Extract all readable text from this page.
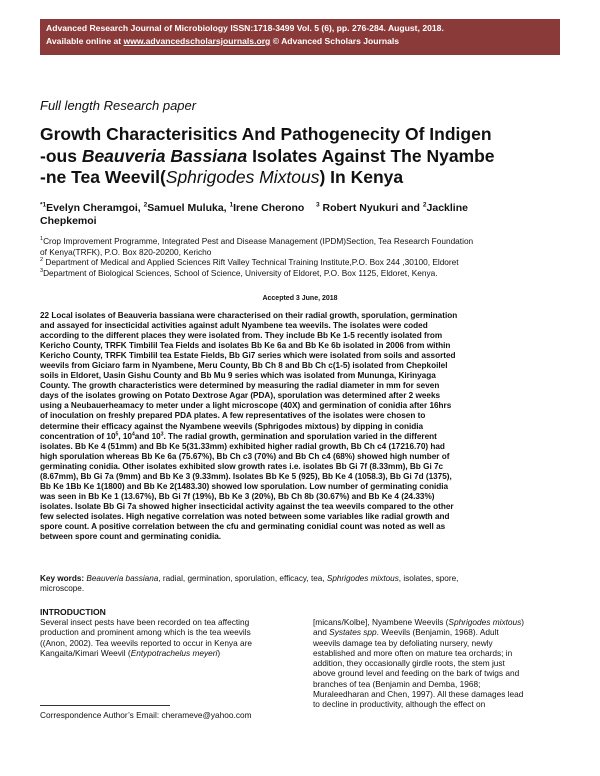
Advanced Research Journal of Microbiology ISSN:1718-3499 Vol. 5 (6), pp. 276-284. August, 2018.
Available online at www.advancedscholarsjournals.org © Advanced Scholars Journals
Full length Research paper
Growth Characterisitics And Pathogenecity Of Indigen
-ous Beauveria Bassiana Isolates Against The Nyambe
-ne Tea Weevil(Sphrigodes Mixtous) In Kenya
$^{*1}$Evelyn Cheramgoi, $^2$Samuel Muluka, $^1$Irene Cherono    $^3$ Robert Nyukuri and $^2$Jackline
Chepkemoi
$^1$Crop Improvement Programme, Integrated Pest and Disease Management (IPDM)Section, Tea Research Foundation
of Kenya(TRFK), P.O. Box 820-20200, Kericho
$^2$ Department of Medical and Applied Sciences Rift Valley Technical Training Institute,P.O. Box 244 ,30100, Eldoret
$^3$Department of Biological Sciences, School of Science, University of Eldoret, P.O. Box 1125, Eldoret, Kenya.
Accepted 3 June, 2018
22 Local isolates of Beauveria bassiana were characterised on their radial growth, sporulation, germination
and assayed for insecticidal activities against adult Nyambene tea weevils. The isolates were coded
according to the different places they were isolated from. They include Bb Ke 1-5 recently isolated from
Kericho County, TRFK Timbilil Tea Fields and isolates Bb Ke 6a and Bb Ke 6b isolated in 2006 from within
Kericho County, TRFK Timbilil tea Estate Fields, Bb Gi7 series which were isolated from soils and assorted
weevils from Giciaro farm in Nyambene, Meru County, Bb Ch 8 and Bb Ch c(1-5) isolated from Chepkoilel
soils in Eldoret, Uasin Gishu County and Bb Mu 9 series which was isolated from Mununga, Kirinyaga
County. The growth characteristics were determined by measuring the radial diameter in mm for seven
days of the isolates growing on Potato Dextrose Agar (PDA), sporulation was determined after 2 weeks
using a Neubauerheamacy to meter under a light microscope (40X) and germination of conidia after 16hrs
of inoculation on freshly prepared PDA plates. A few representatives of the isolates were chosen to
determine their efficacy against the Nyambene weevils (Sphrigodes mixtous) by dipping in conidia
concentration of $10^5$, $10^4and$ $10^3$. The radial growth, germination and sporulation varied in the different
isolates. Bb Ke 4 (51mm) and Bb Ke 5(31.33mm) exhibited higher radial growth, Bb Ch c4 (17216.70) had
high sporulation whereas Bb Ke 6a (75.67%), Bb Ch c3 (70%) and Bb Ch c4 (68%) showed high number of
germinating conidia. Other isolates exhibited slow growth rates i.e. isolates Bb Gi 7f (8.33mm), Bb Gi 7c
(8.67mm), Bb Gi 7a (9mm) and Bb Ke 3 (9.33mm). Isolates Bb Ke 5 (925), Bb Ke 4 (1058.3), Bb Gi 7d (1375),
Bb Ke 1Bb Ke 1(1800) and Bb Ke 2(1483.30) showed low sporulation. Low number of germinating conidia
was seen in Bb Ke 1 (13.67%), Bb Gi 7f (19%), Bb Ke 3 (20%), Bb Ch 8b (30.67%) and Bb Ke 4 (24.33%)
isolates. Isolate Bb Gi 7a showed higher insecticidal activity against the tea weevils compared to the other
few selected isolates. High negative correlation was noted between some variables like radial growth and
spore count. A positive correlation between the cfu and germinating conidial count was noted as well as
between spore count and germinating conidia.
Key words: Beauveria bassiana, radial, germination, sporulation, efficacy, tea, Sphrigodes mixtous, isolates, spore,
microscope.
INTRODUCTION
Several insect pests have been recorded on tea affecting
production and prominent among which is the tea weevils
((Anon, 2002). Tea weevils reported to occur in Kenya are
Kangaita/Kimari Weevil (Entypotrachelus meyeri)
[micans/Kolbe], Nyambene Weevils (Sphrigodes mixtous)
and Systates spp. Weevils (Benjamin, 1968). Adult
weevils damage tea by defoliating nursery, newly
established and more often on mature tea orchards; in
addition, they occasionally girdle roots, the stem just
above ground level and feeding on the bark of twigs and
branches of tea (Benjamin and Demba, 1968;
Muraleedharan and Chen, 1997). All these damages lead
to decline in productivity, although the effect on
Correspondence Author’s Email: cherameve@yahoo.com
